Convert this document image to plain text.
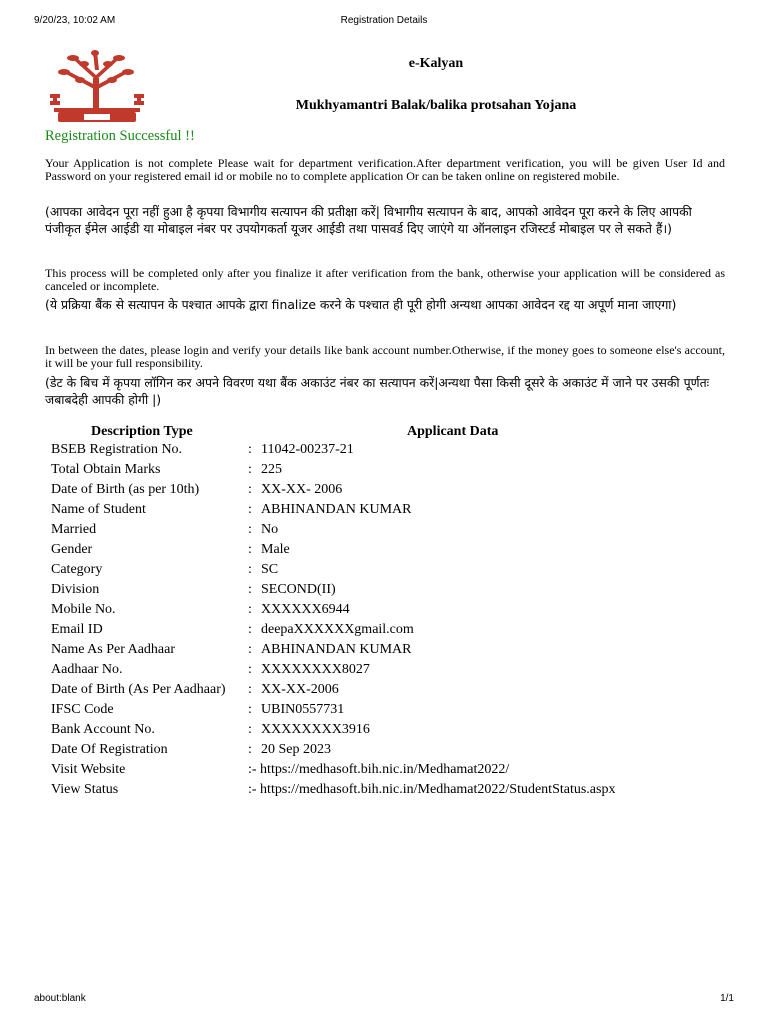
9/20/23, 10:02 AM	Registration Details
e-Kalyan
Mukhyamantri Balak/balika protsahan Yojana
Registration Successful !!
Your Application is not complete Please wait for department verification.After department verification, you will be given User Id and Password on your registered email id or mobile no to complete application Or can be taken online on registered mobile.
(आपका आवेदन पूरा नहीं हुआ है कृपया विभागीय सत्यापन की प्रतीक्षा करें| विभागीय सत्यापन के बाद, आपको आवेदन पूरा करने के लिए आपकी पंजीकृत ईमेल आईडी या मोबाइल नंबर पर उपयोगकर्ता यूजर आईडी तथा पासवर्ड दिए जाएंगे या ऑनलाइन रजिस्टर्ड मोबाइल पर ले सकते हैं।)
This process will be completed only after you finalize it after verification from the bank, otherwise your application will be considered as canceled or incomplete.
(ये प्रक्रिया बैंक से सत्यापन के पश्चात आपके द्वारा finalize करने के पश्चात ही पूरी होगी अन्यथा आपका आवेदन रद्द या अपूर्ण माना जाएगा)
In between the dates, please login and verify your details like bank account number.Otherwise, if the money goes to someone else's account, it will be your full responsibility.
(डेट के बिच में कृपया लॉगिन कर अपने विवरण यथा बैंक अकाउंट नंबर का सत्यापन करें|अन्यथा पैसा किसी दूसरे के अकाउंट में जाने पर उसकी पूर्णतः जबाबदेही आपकी होगी |)
Description Type	Applicant Data
BSEB Registration No.	: 11042-00237-21
Total Obtain Marks	: 225
Date of Birth (as per 10th)	: XX-XX- 2006
Name of Student	: ABHINANDAN KUMAR
Married	: No
Gender	: Male
Category	: SC
Division	: SECOND(II)
Mobile No.	: XXXXXX6944
Email ID	: deepaXXXXXXgmail.com
Name As Per Aadhaar	: ABHINANDAN KUMAR
Aadhaar No.	: XXXXXXXX8027
Date of Birth (As Per Aadhaar) : XX-XX-2006
IFSC Code	: UBIN0557731
Bank Account No.	: XXXXXXXX3916
Date Of Registration	: 20 Sep 2023
Visit Website	:- https://medhasoft.bih.nic.in/Medhamat2022/
View Status	:- https://medhasoft.bih.nic.in/Medhamat2022/StudentStatus.aspx
about:blank	1/1
